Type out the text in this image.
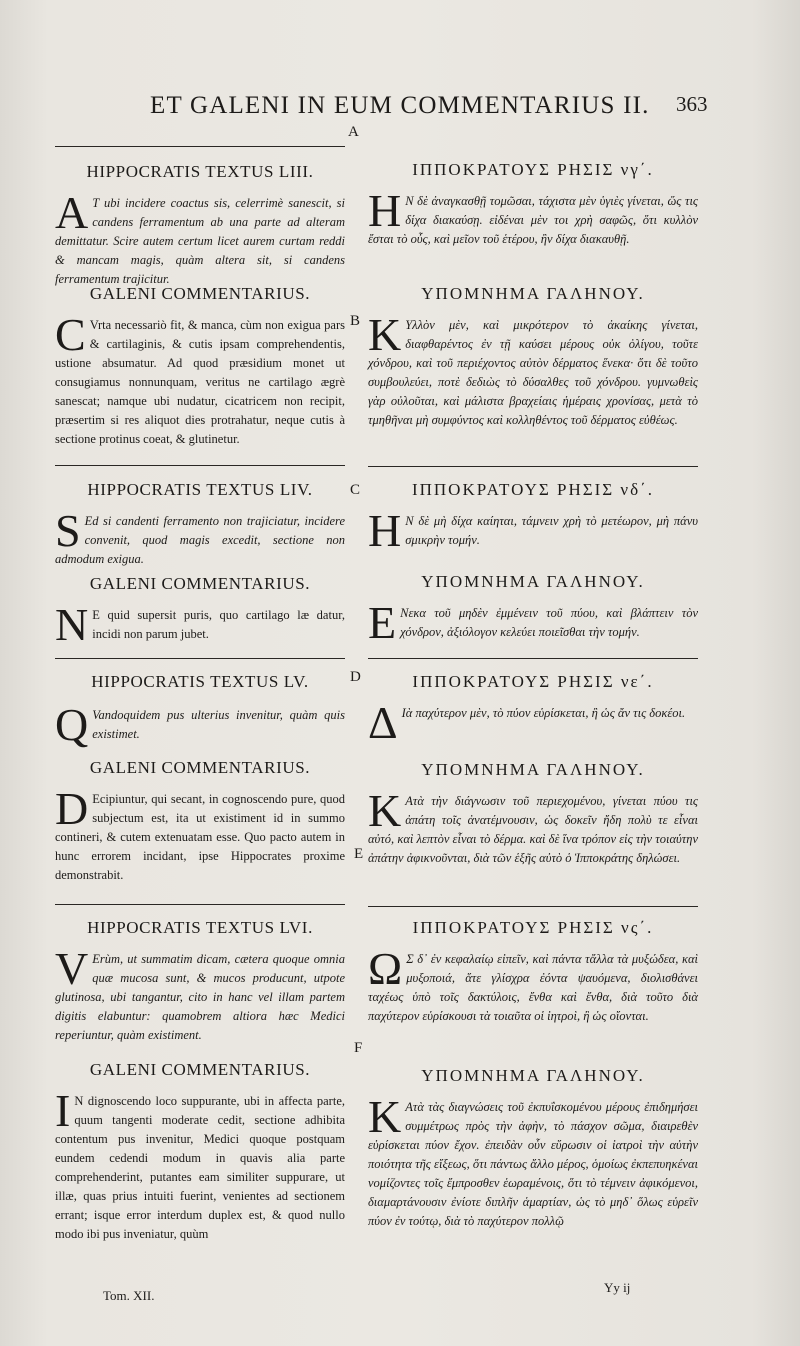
ET GALENI IN EUM COMMENTARIUS II. 363
A
B
C
D
E
F

HIPPOCRATIS TEXTUS LIII.

A T ubi incidere coactus sis, celerrimè sanescit, si candens ferramentum ab una parte ad alteram demittatur. Scire autem certum licet aurem curtam reddi & mancam magis, quàm altera sit, si candens ferramentum trajicitur.

GALENI COMMENTARIUS.

C Vrta necessariò fit, & manca, cùm non exigua pars & cartilaginis, & cutis ipsam comprehendentis, ustione absumatur. Ad quod præsidium monet ut consugiamus nonnunquam, veritus ne cartilago ægrè sanescat; namque ubi nudatur, cicatricem non recipit, præsertim si res aliquot dies protrahatur, neque cutis à sectione protinus coeat, & glutinetur.

HIPPOCRATIS TEXTUS LIV.

S Ed si candenti ferramento non trajiciatur, incidere convenit, quod magis excedit, sectione non admodum exigua.

GALENI COMMENTARIUS.

N E quid supersit puris, quo cartilago læ datur, incidi non parum jubet.

HIPPOCRATIS TEXTUS LV.

Q Vandoquidem pus ulterius invenitur, quàm quis existimet.

GALENI COMMENTARIUS.

D Ecipiuntur, qui secant, in cognoscendo pure, quod subjectum est, ita ut existiment id in summo contineri, & cutem extenuatam esse. Quo pacto autem in hunc errorem incidant, ipse Hippocrates proxime demonstrabit.

HIPPOCRATIS TEXTUS LVI.

V Erùm, ut summatim dicam, cætera quoque omnia quæ mucosa sunt, & mucos producunt, utpote glutinosa, ubi tangantur, cito in hanc vel illam partem digitis elabuntur: quamobrem altiora hæc Medici reperiuntur, quàm existiment.

GALENI COMMENTARIUS.

I N dignoscendo loco suppurante, ubi in affecta parte, quum tangenti moderate cedit, sectione adhibita contentum pus invenitur, Medici quoque postquam eundem cedendi modum in quavis alia parte comprehenderint, putantes eam similiter suppurare, ut illæ, quas prius intuiti fuerint, venientes ad sectionem errant; isque error interdum duplex est, & quod nullo modo ibi pus inveniatur, quùm

Tom. XII.

ΙΠΠΟΚΡΑΤΟΥΣ ΡΗΣΙΣ νγ΄.

Η Ν δὲ ἀναγκασθῇ τομῶσαι, τάχιστα μὲν ὑγιὲς γίνεται, ὥς τις δίχα διακαύσῃ. εἰδέναι μὲν τοι χρὴ σαφῶς, ὅτι κυλλὸν ἔσται τὸ οὖς, καὶ μεῖον τοῦ ἑτέρου, ἢν δίχα διακαυθῇ.

ΥΠΟΜΝΗΜΑ ΓΑΛΗΝΟΥ.

Κ Υλλὸν μὲν, καὶ μικρότερον τὸ ἀκαίκης γίνεται, διαφθαρέντος ἐν τῇ καύσει μέρους οὐκ ὀλίγου, τοῦτε χόνδρου, καὶ τοῦ περιέχοντος αὐτὸν δέρματος ἕνεκα· ὅτι δὲ τοῦτο συμβουλεύει, ποτὲ δεδιὼς τὸ δύσαλθες τοῦ χόνδρου. γυμνωθεὶς γὰρ οὐλοῦται, καὶ μάλιστα βραχείαις ἡμέραις χρονίσας, μετὰ τὸ τμηθῆναι μὴ συμφύντος καὶ κολληθέντος τοῦ δέρματος εὐθέως.

ΙΠΠΟΚΡΑΤΟΥΣ ΡΗΣΙΣ νδ΄.

Η Ν δὲ μὴ δίχα καίηται, τάμνειν χρὴ τὸ μετέωρον, μὴ πάνυ σμικρὴν τομήν.

ΥΠΟΜΝΗΜΑ ΓΑΛΗΝΟΥ.

Ε Νεκα τοῦ μηδὲν ἐμμένειν τοῦ πύου, καὶ βλάπτειν τὸν χόνδρον, ἀξιόλογον κελεύει ποιεῖσθαι τὴν τομήν.

ΙΠΠΟΚΡΑΤΟΥΣ ΡΗΣΙΣ νε΄.

Δ Ιὰ παχύτερον μὲν, τὸ πύον εὑρίσκεται, ἢ ὡς ἄν τις δοκέοι.

ΥΠΟΜΝΗΜΑ ΓΑΛΗΝΟΥ.

Κ Ατὰ τὴν διάγνωσιν τοῦ περιεχομένου, γίνεται πύου τις ἀπάτη τοῖς ἀνατέμνουσιν, ὡς δοκεῖν ἤδη πολὺ τε εἶναι αὐτό, καὶ λεπτὸν εἶναι τὸ δέρμα. καὶ δὲ ἵνα τρόπον εἰς τὴν τοιαύτην ἀπάτην ἀφικνοῦνται, διὰ τῶν ἑξῆς αὐτὸ ὁ Ἱπποκράτης δηλώσει.

ΙΠΠΟΚΡΑΤΟΥΣ ΡΗΣΙΣ νς΄.

Ω Σ δ᾽ ἐν κεφαλαίῳ εἰπεῖν, καὶ πάντα τἄλλα τὰ μυξώδεα, καὶ μυξοποιά, ἅτε γλίσχρα ἐόντα ψαυόμενα, διολισθάνει ταχέως ὑπὸ τοῖς δακτύλοις, ἔνθα καὶ ἔνθα, διὰ τοῦτο διὰ παχύτερον εὑρίσκουσι τὰ τοιαῦτα οἱ ἰητροὶ, ἢ ὡς οἴονται.

ΥΠΟΜΝΗΜΑ ΓΑΛΗΝΟΥ.

Κ Ατὰ τὰς διαγνώσεις τοῦ ἐκπυΐσκομένου μέρους ἐπιδημήσει συμμέτρως πρὸς τὴν ἀφὴν, τὸ πάσχον σῶμα, διαιρεθὲν εὑρίσκεται πύον ἔχον. ἐπειδὰν οὖν εὕρωσιν οἱ ἰατροὶ τὴν αὐτὴν ποιότητα τῆς εἴξεως, ὅτι πάντως ἄλλο μέρος, ὁμοίως ἐκπεπυηκέναι νομίζοντες τοῖς ἔμπροσθεν ἑωραμένοις, ὅτι τὸ τέμνειν ἀφικόμενοι, διαμαρτάνουσιν ἐνίοτε διπλῆν ἁμαρτίαν, ὡς τὸ μηδ᾽ ὅλως εὑρεῖν πύον ἐν τούτῳ, διὰ τὸ παχύτερον πολλῷ

Yy ij
